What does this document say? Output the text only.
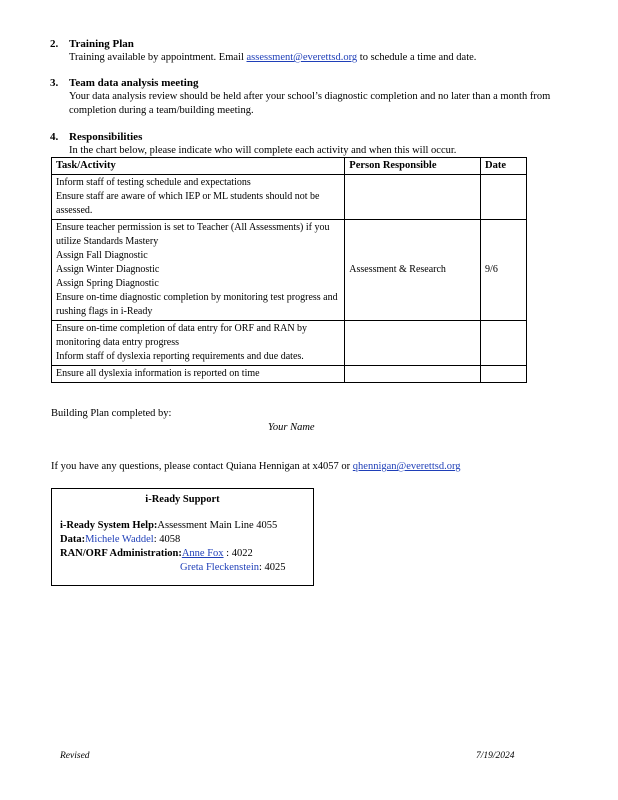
2. Training Plan
Training available by appointment. Email assessment@everettsd.org to schedule a time and date.
3. Team data analysis meeting
Your data analysis review should be held after your school’s diagnostic completion and no later than a month from completion during a team/building meeting.
4. Responsibilities
In the chart below, please indicate who will complete each activity and when this will occur.
Task/Activity	Person Responsible	Date

Inform staff of testing schedule and expectations
Ensure staff are aware of which IEP or ML students should not be assessed.		

Ensure teacher permission is set to Teacher (All Assessments) if you utilize Standards Mastery
Assign Fall Diagnostic
Assign Winter Diagnostic
Assign Spring Diagnostic
Ensure on-time diagnostic completion by monitoring test progress and rushing flags in i-Ready	Assessment & Research	9/6

Ensure on-time completion of data entry for ORF and RAN by monitoring data entry progress
Inform staff of dyslexia reporting requirements and due dates.		

Ensure all dyslexia information is reported on time		

Building Plan completed by:
Your Name
If you have any questions, please contact Quiana Hennigan at x4057 or qhennigan@everettsd.org
i-Ready Support
i-Ready System Help:Assessment Main Line 4055
Data:Michele Waddel: 4058
RAN/ORF Administration:Anne Fox : 4022
Greta Fleckenstein: 4025
Revised	7/19/2024
